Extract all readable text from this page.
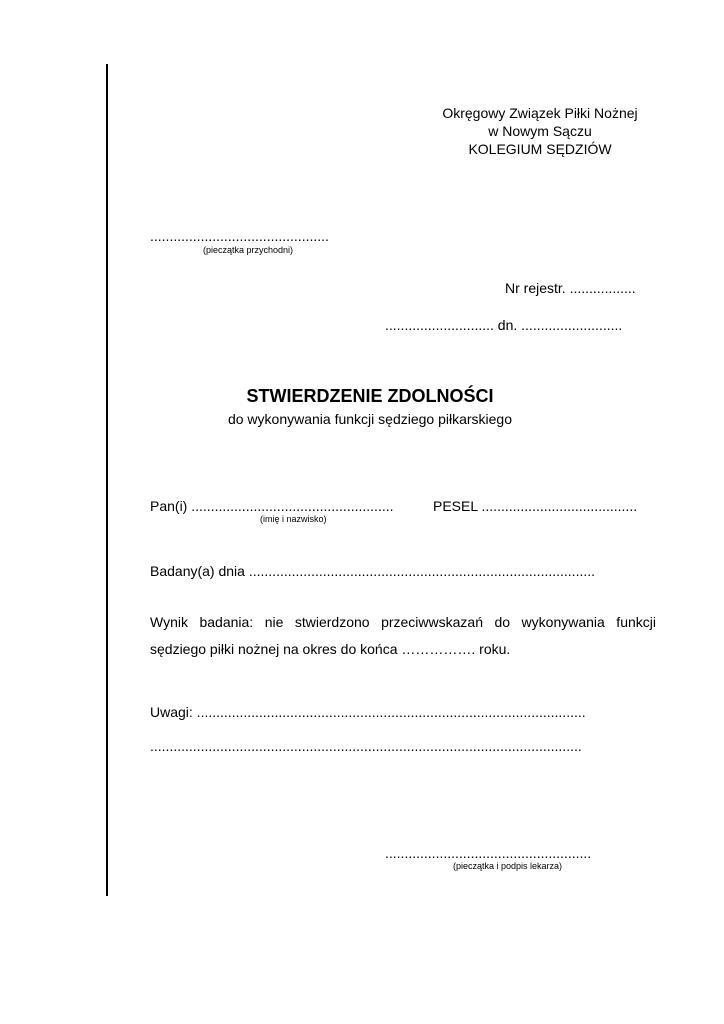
Okręgowy Związek Piłki Nożnej
w Nowym Sączu
KOLEGIUM SĘDZIÓW
..............................................
(pieczątka przychodni)
Nr rejestr. .................
............................ dn. ..........................
STWIERDZENIE ZDOLNOŚCI
do wykonywania funkcji sędziego piłkarskiego
Pan(i) ....................................................
(imię i nazwisko)
PESEL ........................................
Badany(a) dnia .........................................................................................
Wynik badania: nie stwierdzono przeciwwskazań do wykonywania funkcji
sędziego piłki nożnej na okres do końca ……………. roku.
Uwagi: ....................................................................................................
...............................................................................................................
.....................................................
(pieczątka i podpis lekarza)
